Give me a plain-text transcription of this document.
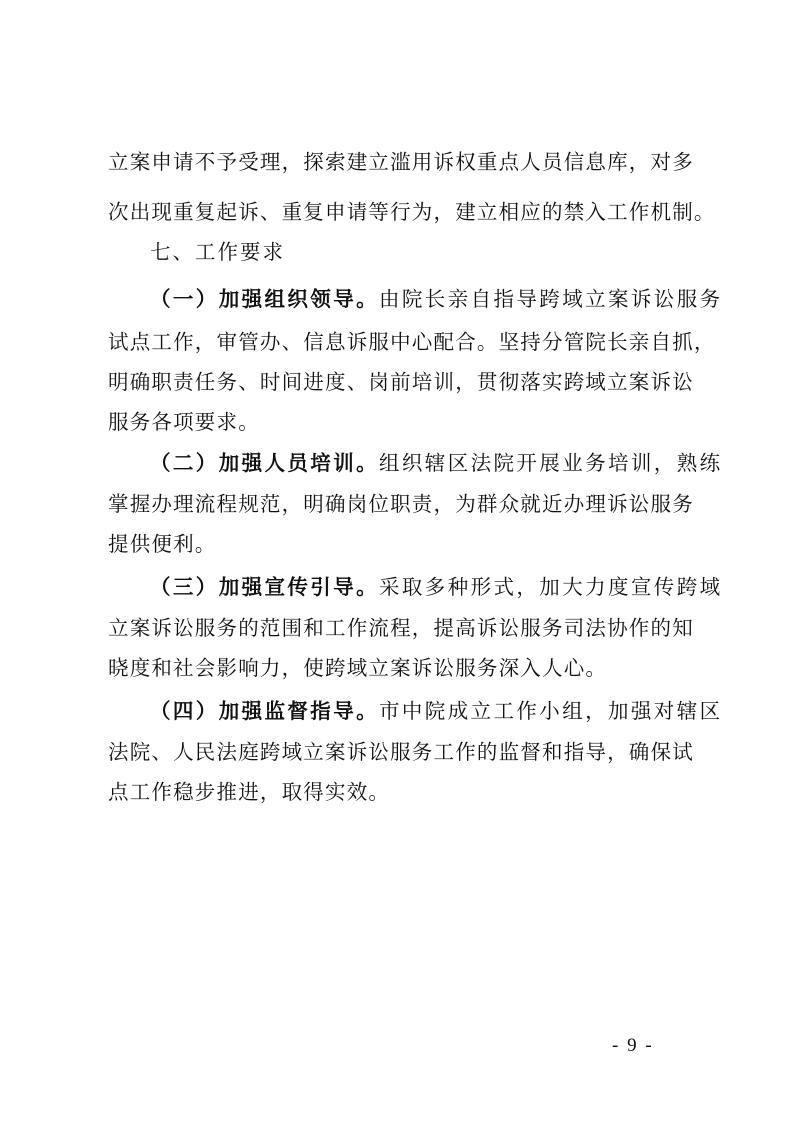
立案申请不予受理，探索建立滥用诉权重点人员信息库，对多
次出现重复起诉、重复申请等行为，建立相应的禁入工作机制。
七、工作要求
（一）加强组织领导。由院长亲自指导跨域立案诉讼服务
试点工作，审管办、信息诉服中心配合。坚持分管院长亲自抓，
明确职责任务、时间进度、岗前培训，贯彻落实跨域立案诉讼
服务各项要求。
（二）加强人员培训。组织辖区法院开展业务培训，熟练
掌握办理流程规范，明确岗位职责，为群众就近办理诉讼服务
提供便利。
（三）加强宣传引导。采取多种形式，加大力度宣传跨域
立案诉讼服务的范围和工作流程，提高诉讼服务司法协作的知
晓度和社会影响力，使跨域立案诉讼服务深入人心。
（四）加强监督指导。市中院成立工作小组，加强对辖区
法院、人民法庭跨域立案诉讼服务工作的监督和指导，确保试
点工作稳步推进，取得实效。
- 9 -
